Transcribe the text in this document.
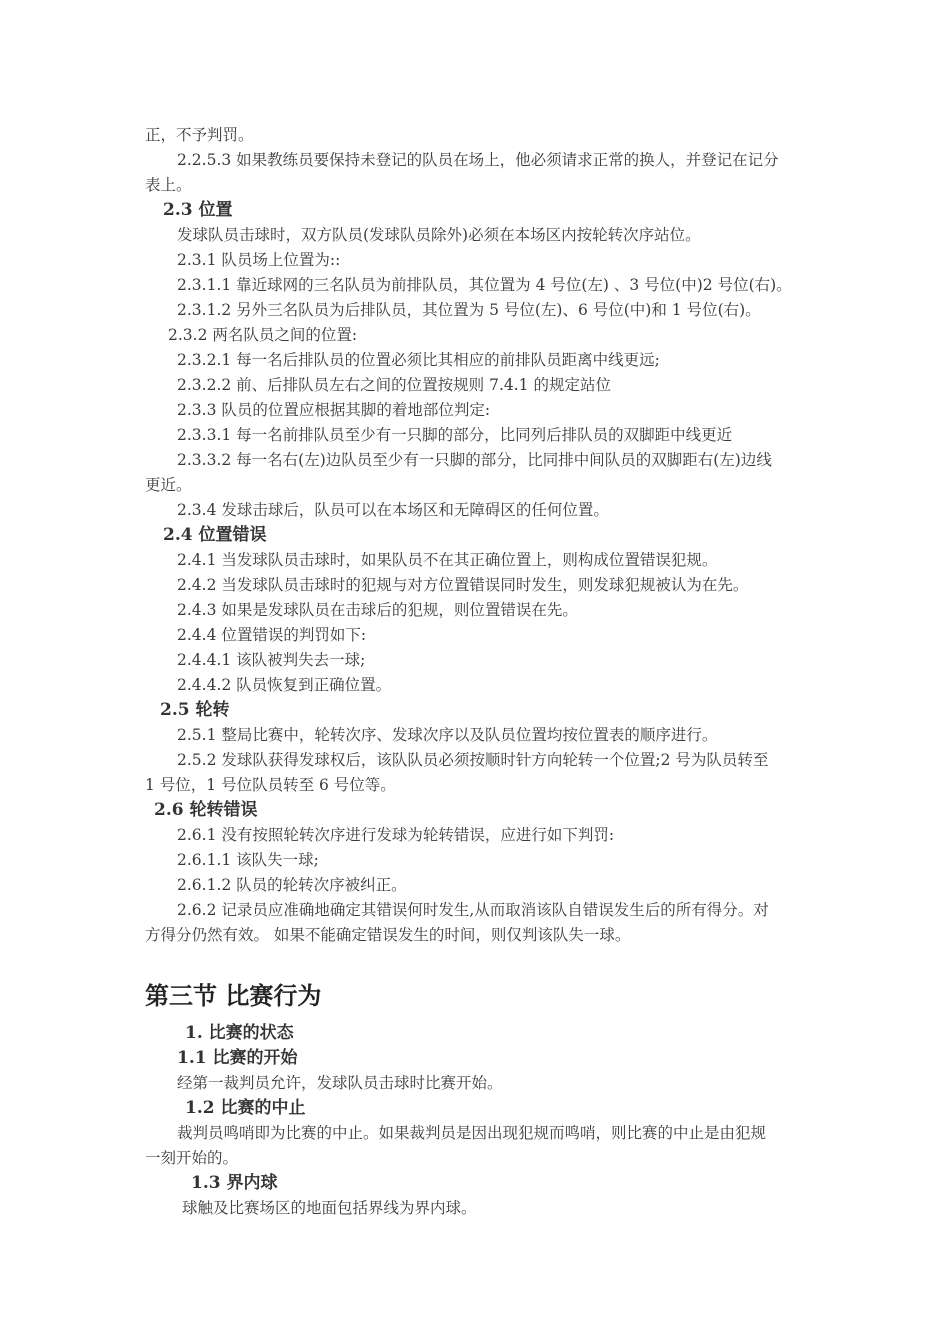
正，不予判罚。
2.2.5.3 如果教练员要保持未登记的队员在场上，他必须请求正常的换人，并登记在记分
表上。
2.3 位置
发球队员击球时，双方队员(发球队员除外)必须在本场区内按轮转次序站位。
2.3.1 队员场上位置为::
2.3.1.1 靠近球网的三名队员为前排队员，其位置为 4 号位(左) 、3 号位(中)2 号位(右)。
2.3.1.2 另外三名队员为后排队员，其位置为 5 号位(左)、6 号位(中)和 1 号位(右)。
2.3.2 两名队员之间的位置:
2.3.2.1 每一名后排队员的位置必须比其相应的前排队员距离中线更远;
2.3.2.2 前、后排队员左右之间的位置按规则 7.4.1 的规定站位
2.3.3 队员的位置应根据其脚的着地部位判定:
2.3.3.1 每一名前排队员至少有一只脚的部分，比同列后排队员的双脚距中线更近
2.3.3.2 每一名右(左)边队员至少有一只脚的部分，比同排中间队员的双脚距右(左)边线
更近。
2.3.4 发球击球后，队员可以在本场区和无障碍区的任何位置。
2.4 位置错误
2.4.1 当发球队员击球时，如果队员不在其正确位置上，则构成位置错误犯规。
2.4.2 当发球队员击球时的犯规与对方位置错误同时发生，则发球犯规被认为在先。
2.4.3 如果是发球队员在击球后的犯规，则位置错误在先。
2.4.4 位置错误的判罚如下:
2.4.4.1 该队被判失去一球;
2.4.4.2 队员恢复到正确位置。
2.5 轮转
2.5.1 整局比赛中，轮转次序、发球次序以及队员位置均按位置表的顺序进行。
2.5.2 发球队获得发球权后，该队队员必须按顺时针方向轮转一个位置;2 号为队员转至
1 号位，1 号位队员转至 6 号位等。
2.6 轮转错误
2.6.1 没有按照轮转次序进行发球为轮转错误，应进行如下判罚:
2.6.1.1 该队失一球;
2.6.1.2 队员的轮转次序被纠正。
2.6.2 记录员应准确地确定其错误何时发生,从而取消该队自错误发生后的所有得分。对
方得分仍然有效。 如果不能确定错误发生的时间，则仅判该队失一球。
第三节 比赛行为
1. 比赛的状态
1.1 比赛的开始
经第一裁判员允许，发球队员击球时比赛开始。
1.2 比赛的中止
裁判员鸣哨即为比赛的中止。如果裁判员是因出现犯规而鸣哨，则比赛的中止是由犯规
一刻开始的。
1.3 界内球
球触及比赛场区的地面包括界线为界内球。
